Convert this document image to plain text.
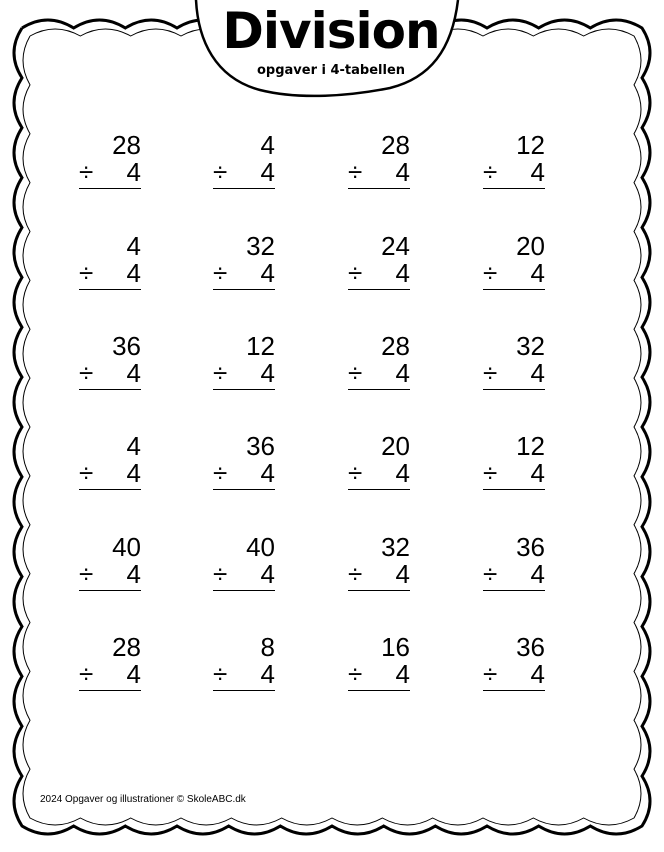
Division
opgaver i 4-tabellen
28
÷ 4
4
÷ 4
28
÷ 4
12
÷ 4
4
÷ 4
32
÷ 4
24
÷ 4
20
÷ 4
36
÷ 4
12
÷ 4
28
÷ 4
32
÷ 4
4
÷ 4
36
÷ 4
20
÷ 4
12
÷ 4
40
÷ 4
40
÷ 4
32
÷ 4
36
÷ 4
28
÷ 4
8
÷ 4
16
÷ 4
36
÷ 4
2024 Opgaver og illustrationer © SkoleABC.dk
